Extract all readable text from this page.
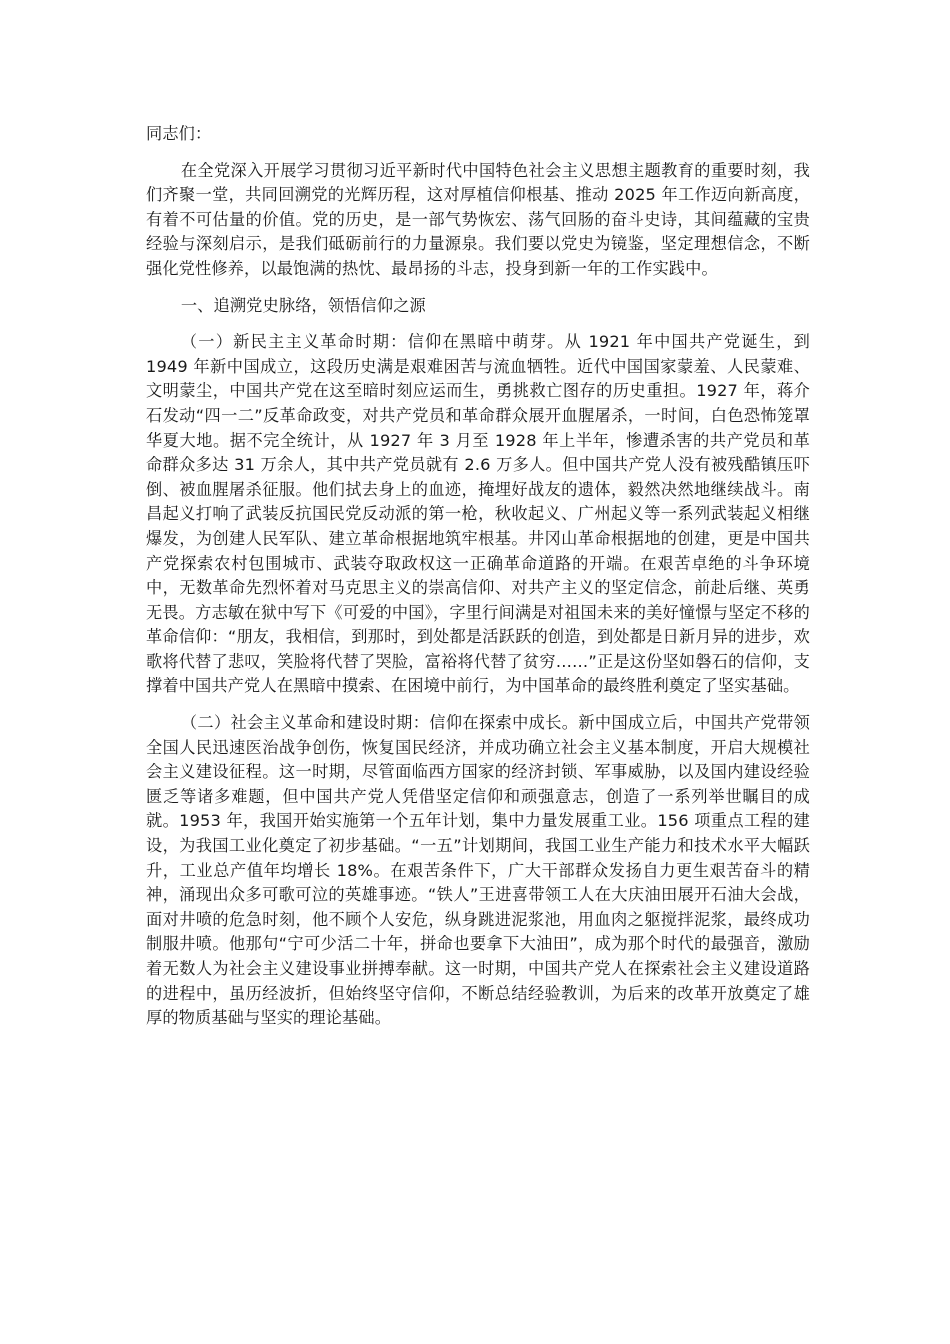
同志们：

在全党深入开展学习贯彻习近平新时代中国特色社会主义思想主题教育的重要时刻，我们齐聚一堂，共同回溯党的光辉历程，这对厚植信仰根基、推动 2025 年工作迈向新高度，有着不可估量的价值。党的历史，是一部气势恢宏、荡气回肠的奋斗史诗，其间蕴藏的宝贵经验与深刻启示，是我们砥砺前行的力量源泉。我们要以党史为镜鉴，坚定理想信念，不断强化党性修养，以最饱满的热忱、最昂扬的斗志，投身到新一年的工作实践中。

一、追溯党史脉络，领悟信仰之源

（一）新民主主义革命时期：信仰在黑暗中萌芽。从 1921 年中国共产党诞生，到 1949 年新中国成立，这段历史满是艰难困苦与流血牺牲。近代中国国家蒙羞、人民蒙难、文明蒙尘，中国共产党在这至暗时刻应运而生，勇挑救亡图存的历史重担。1927 年，蒋介石发动“四一二”反革命政变，对共产党员和革命群众展开血腥屠杀，一时间，白色恐怖笼罩华夏大地。据不完全统计，从 1927 年 3 月至 1928 年上半年，惨遭杀害的共产党员和革命群众多达 31 万余人，其中共产党员就有 2.6 万多人。但中国共产党人没有被残酷镇压吓倒、被血腥屠杀征服。他们拭去身上的血迹，掩埋好战友的遗体，毅然决然地继续战斗。南昌起义打响了武装反抗国民党反动派的第一枪，秋收起义、广州起义等一系列武装起义相继爆发，为创建人民军队、建立革命根据地筑牢根基。井冈山革命根据地的创建，更是中国共产党探索农村包围城市、武装夺取政权这一正确革命道路的开端。在艰苦卓绝的斗争环境中，无数革命先烈怀着对马克思主义的崇高信仰、对共产主义的坚定信念，前赴后继、英勇无畏。方志敏在狱中写下《可爱的中国》，字里行间满是对祖国未来的美好憧憬与坚定不移的革命信仰：“朋友，我相信，到那时，到处都是活跃跃的创造，到处都是日新月异的进步，欢歌将代替了悲叹，笑脸将代替了哭脸，富裕将代替了贫穷……”正是这份坚如磐石的信仰，支撑着中国共产党人在黑暗中摸索、在困境中前行，为中国革命的最终胜利奠定了坚实基础。

（二）社会主义革命和建设时期：信仰在探索中成长。新中国成立后，中国共产党带领全国人民迅速医治战争创伤，恢复国民经济，并成功确立社会主义基本制度，开启大规模社会主义建设征程。这一时期，尽管面临西方国家的经济封锁、军事威胁，以及国内建设经验匮乏等诸多难题，但中国共产党人凭借坚定信仰和顽强意志，创造了一系列举世瞩目的成就。1953 年，我国开始实施第一个五年计划，集中力量发展重工业。156 项重点工程的建设，为我国工业化奠定了初步基础。“一五”计划期间，我国工业生产能力和技术水平大幅跃升，工业总产值年均增长 18%。在艰苦条件下，广大干部群众发扬自力更生艰苦奋斗的精神，涌现出众多可歌可泣的英雄事迹。“铁人”王进喜带领工人在大庆油田展开石油大会战，面对井喷的危急时刻，他不顾个人安危，纵身跳进泥浆池，用血肉之躯搅拌泥浆，最终成功制服井喷。他那句“宁可少活二十年，拼命也要拿下大油田”，成为那个时代的最强音，激励着无数人为社会主义建设事业拼搏奉献。这一时期，中国共产党人在探索社会主义建设道路的进程中，虽历经波折，但始终坚守信仰，不断总结经验教训，为后来的改革开放奠定了雄厚的物质基础与坚实的理论基础。
